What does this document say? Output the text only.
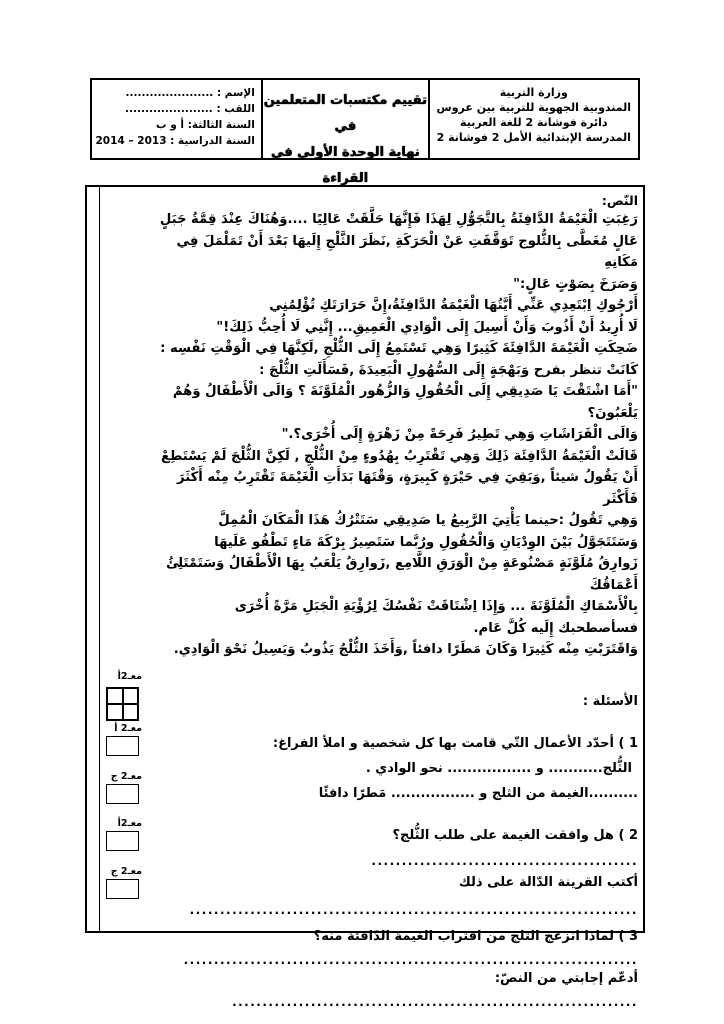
وزارة التربية
المندوبية الجهوية للتربية بين عروس
دائرة فوشانة 2 للغة العربية
المدرسة الإبتدائية الأمل 2 فوشانة 2
تقييم مكتسبات المتعلمين في
نهاية الوحدة الأولى في القراءة
الإسم : ......................
اللقب : ......................
السنة الثالثة: أ و ب
السنة الدراسية : 2013 – 2014
النّص:

رَغِبَتِ الْغَيْمَةُ الدَّافِئَةُ بِالتَّجَوُّلِ لِهَذَا فَإِنَّهَا حَلَّقَتْ عَالِيًا ....وَهُنَاكَ عِنْدَ قِمَّةُ جَبَلٍ

عَالٍ مُغَطَّى بِالثُّلوج تَوَقَّفَتِ عَنْ الْحَرَكَةِ ,نَظَرَ الثَّلْجِ إِلَيهَا بَعْدَ أَنْ تَمَلْمَلَ فِي مَكَانِهِ

وَصَرَخَ بِصَوْتٍ عَالٍ:"

أَرْجُوكِ اِبْتَعِدِي عَنِّي أَيَّتُهَا الْغَيْمَةُ الدَّافِئَةُ،إِنَّ حَرَارَتَكِ تُؤْلِمُنِي

لَا أُرِيدُ أَنْ أَذُوبَ وَأَنْ أَسِيلَ إِلَى الْوَادِي الْعَمِيقِ... إِنَّنِي لَا أُحِبُّ ذَلِكَ!"

ضَحِكَتِ الْغَيْمَةَ الدَّافِئَةَ كَثِيرًا وَهِي تَسْتَمِعُ إِلَى الثُّلْجِ ,لَكِنَّهَا فِي الْوَقْتِ نَفْسِه :

كَانَتْ تنظر بفرح وَبَهْجَةٍ إِلَى السُّهُولِ الْبَعِيدَةَ ,فَسَأَلَتِ الثُّلْجَ :

"أَمَا اشْتَقْتَ يَا صَدِيقِي إِلَى الْحُقُولِ وَالزُّهُور الْمُلَوَّنَةَ ؟ وَالَى الْأَطْفَالُ وَهُمْ يَلْعَبُونَ؟

وَالَى الْفَرَاشَاتِ وَهِي تَطِيرُ فَرِحَةً مِنْ زَهْرَةٍ إِلَى أُخْرَى؟."

قَالَتْ الْغَيْمَةُ الدَّافِئَة ذَلِكَ وَهِي تَقْتَرِبُ بِهُدُوءٍ مِنْ الثُّلْجِ , لَكِنَّ الثُّلْجَ لَمْ يَسْتَطِعْ

أَنْ يَقُولُ شيئاً ,وَبَقِيَ فِي حَيْرَةٍ كَبِيرَةٍ، وَقْتَهَا بَدَأَتِ الْغَيْمَةَ تَقْتَرِبُ مِنْه أَكْثَرَ فَأَكْثَر

وَهِي تَقُولُ :حينما يَأْتِيَ الرَّبِيعُ يا صَدِيقِي سَتَتْرُكُ هَذَا الْمَكَانَ الْمُمِلَّ

وَسَتَتَجَوَّلُ بَيْنَ الوِدْيَانِ وَالْحُقُولِ ورُبَّما سَتَصِيرُ بِرْكَةَ مَاءٍ تَطْفُو عَلَيهَا

زَوارِقُ مُلَوَّنَةٍ مَصْنُوعَةٍ مِنْ الْوَرَقِ اللَّامِع ,زَوارِقُ يَلْعَبُ بِهَا الْأَطْفَالُ وَسَتَمْتَلِئُ أَعْمَاقُكَ

بِالْأَسْمَاكِ الْمُلَوَّنَةَ ... وَإِذَا اِشْتَاقَتْ نَفْسُكَ لِرُؤْيَةِ الْجَبَلِ مَرَّةً أُخْرَى

فسأصطحبك إِلَيه كُلَّ عَام.

وَاقَتَرَبْتِ مِنْه كَثِيرَا وَكَانَ مَطَرًا دافئاً ,وَأَخَذَ الثُّلْجُ يَذُوبُ وَيَسِيلُ نَحْوَ الْوَادِي.

الأسئلة :
1 ) أحدّد الأعمال التّي قامت بها كل شخصية و املأ الفراغ:
الثُّلج........... و ................. نحو الوادي .
..........الغيمة من الثلج و ................. مَطرًا دافئًا
2 ) هل وافقت الغيمة على طلب الثُّلج؟
............................................
أكتب القرينة الدّالة على ذلك
..........................................................................
3 ) لماذا انزعج الثلج من اقتراب الغيمة الدّافئة منه؟
...........................................................................
أدعّم إجابتي من النصّ:
...................................................................
معـ2أ
معـ2 أ
معـ2 ج
معـ2أ
معـ2 ج
